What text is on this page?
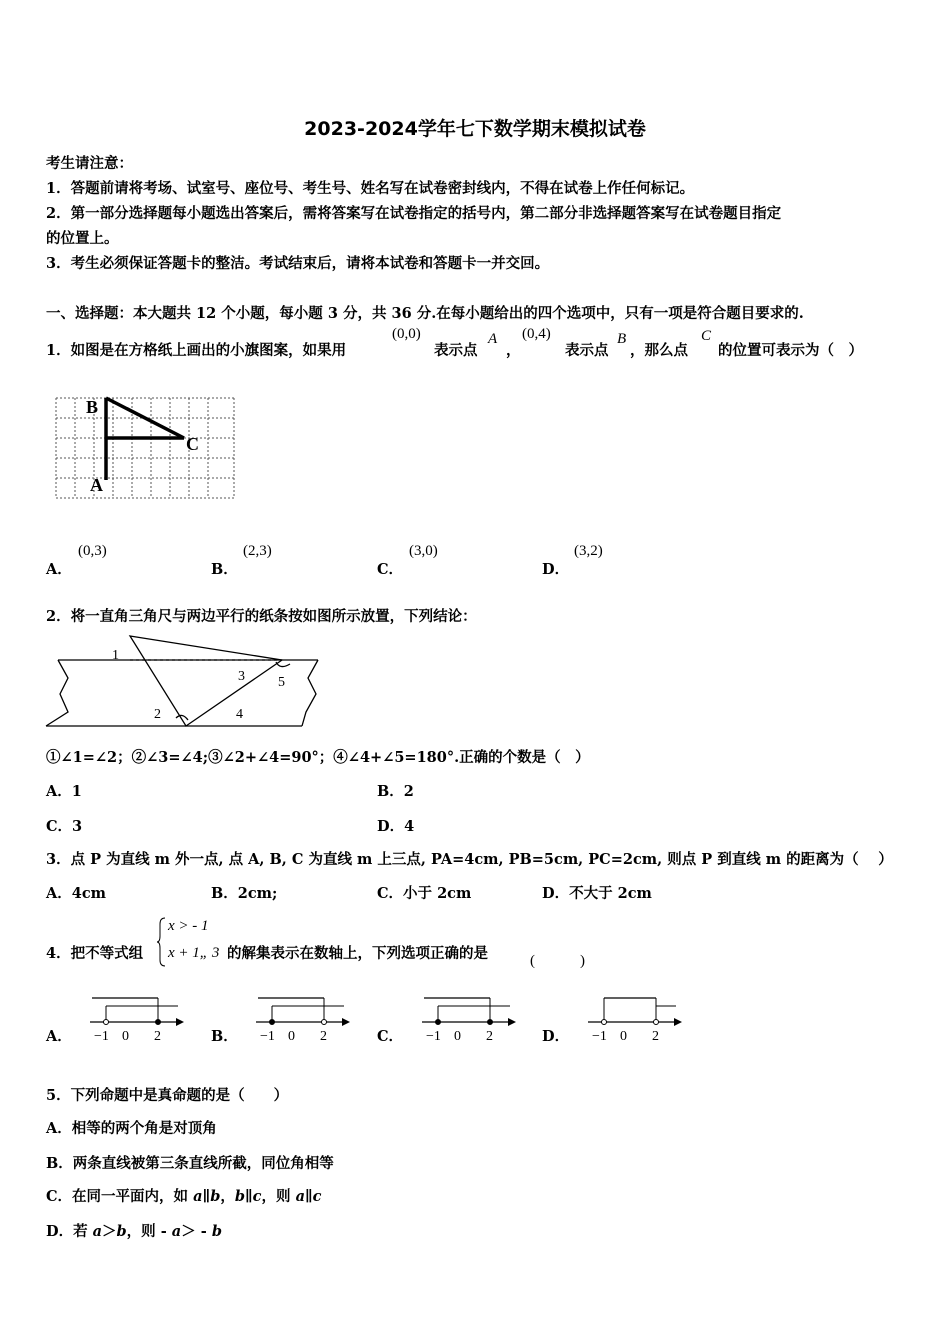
2023-2024学年七下数学期末模拟试卷
考生请注意：
1．答题前请将考场、试室号、座位号、考生号、姓名写在试卷密封线内，不得在试卷上作任何标记。
2．第一部分选择题每小题选出答案后，需将答案写在试卷指定的括号内，第二部分非选择题答案写在试卷题目指定
的位置上。
3．考生必须保证答题卡的整洁。考试结束后，请将本试卷和答题卡一并交回。
一、选择题：本大题共 12 个小题，每小题 3 分，共 36 分.在每小题给出的四个选项中，只有一项是符合题目要求的.
1．如图是在方格纸上画出的小旗图案，如果用
(0,0)
表示点
A
，
(0,4)
表示点
B
，那么点
C
的位置可表示为（　）
B
C
A
A．
(0,3)
B．
(2,3)
C．
(3,0)
D．
(3,2)
2．将一直角三角尺与两边平行的纸条按如图所示放置，下列结论：
1
2
3
4
5
①∠1=∠2；②∠3=∠4;③∠2+∠4=90°；④∠4+∠5=180°.正确的个数是（　）
A．1	B．2
C．3	D．4
3．点 P 为直线 m 外一点, 点 A, B, C 为直线 m 上三点, PA=4cm, PB=5cm, PC=2cm, 则点 P 到直线 m 的距离为（　 ）
A．4cm	B．2cm;	C．小于 2cm	D．不大于 2cm
4．把不等式组
x > - 1
x + 1„ 3 的解集表示在数轴上，下列选项正确的是	(　　　)
A． −1 0 2	B． −1 0 2	C． −1 0 2	D． −1 0 2
5．下列命题中是真命题的是（　　）
A．相等的两个角是对顶角
B．两条直线被第三条直线所截，同位角相等
C．在同一平面内，如 a∥b，b∥c，则 a∥c
D．若 a＞b，则 - a＞ - b
